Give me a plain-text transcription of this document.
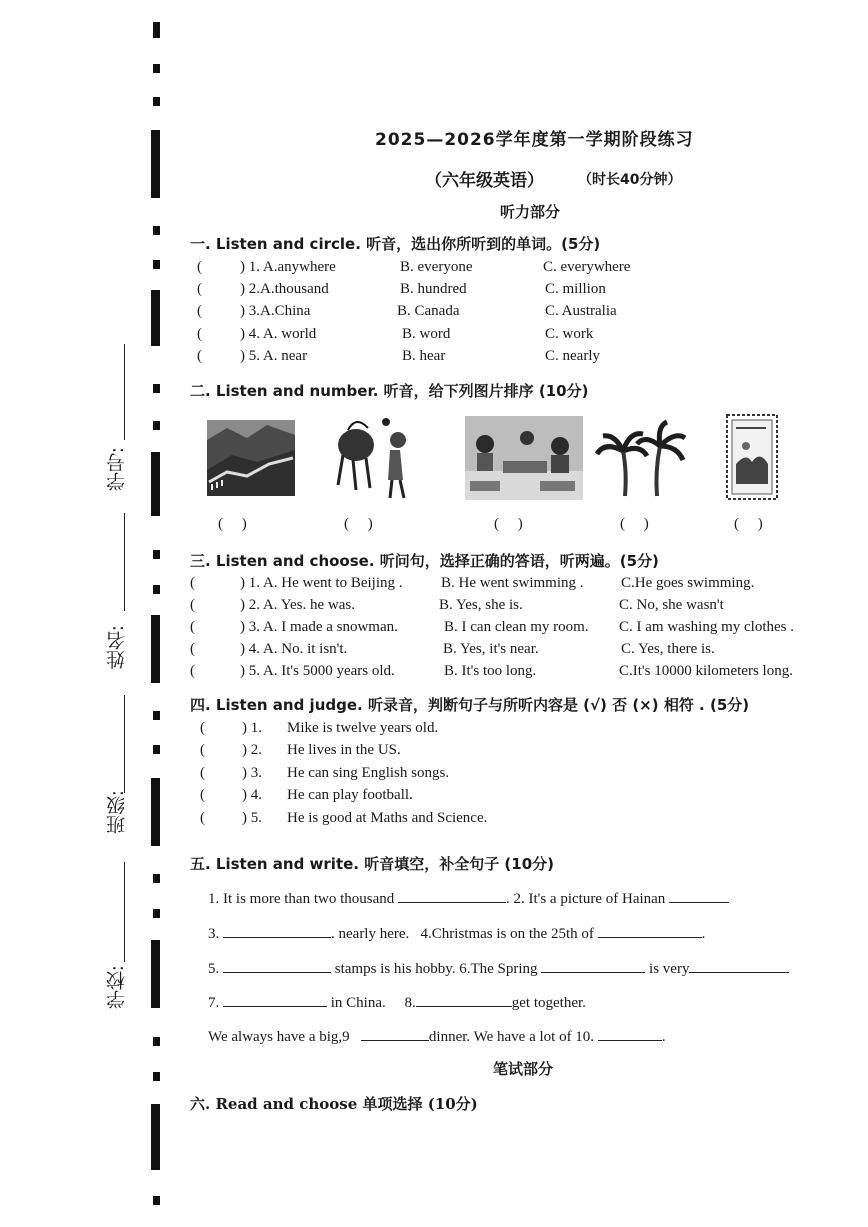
学号:
姓名:
班级:
学校:
2025—2026学年度第一学期阶段练习
（六年级英语） （时长40分钟）
听力部分
一. Listen and circle. 听音，选出你所听到的单词。(5分)
(	) 1. A.anywhere	B. everyone	C. everywhere
(	) 2.A.thousand	B. hundred	C. million
(	) 3.A.China	B. Canada	C. Australia
(	) 4. A. world	B. word	C. work
(	) 5. A. near	B. hear	C. nearly
二. Listen and number. 听音，给下列图片排序 (10分)
(     )	(     )	(     )	(     )	(     )
三. Listen and choose. 听问句，选择正确的答语，听两遍。(5分)
(	) 1. A. He went to Beijing .	B. He went swimming .	C.He goes swimming.
(	) 2. A. Yes. he was.	B. Yes, she is.	C. No, she wasn't
(	) 3. A. I made a snowman.	B. I can clean my room. C. I am washing my clothes .
(	) 4. A. No. it isn't.	B. Yes, it's near.	C. Yes, there is.
(	) 5. A. It's 5000 years old.	B. It's too long.	C.It's 10000 kilometers long.
四. Listen and judge. 听录音，判断句子与所听内容是 (√) 否 (×) 相符 . (5分)
( ) 1. Mike is twelve years old.
( ) 2. He lives in the US.
( ) 3. He can sing English songs.
( ) 4. He can play football.
( ) 5. He is good at Maths and Science.
五. Listen and write. 听音填空，补全句子 (10分)
1. It is more than two thousand	. 2. It's a picture of Hainan
3.	. nearly here. 4.Christmas is on the 25th of	.
5.	stamps is his hobby. 6.The Spring	is very
7.	in China. 8.	get together.
We always have a big,9	dinner. We have a lot of 10.	.
笔试部分
六. Read and choose 单项选择 (10分)
